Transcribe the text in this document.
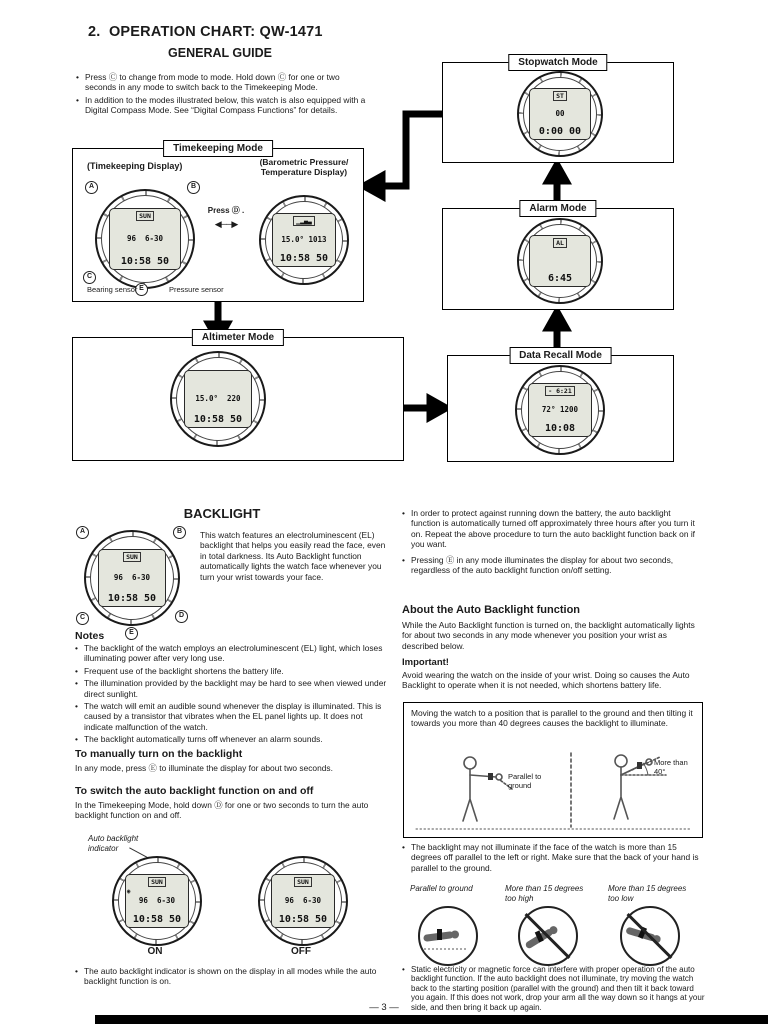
2.  OPERATION CHART: QW-1471
GENERAL GUIDE
• Press Ⓒ to change from mode to mode. Hold down Ⓒ for one or two seconds in any mode to switch back to the Timekeeping Mode.
• In addition to the modes illustrated below, this watch is also equipped with a Digital Compass Mode. See “Digital Compass Functions” for details.
Stopwatch Mode
ST
00
0:00 00
Timekeeping Mode
(Timekeeping Display)	(Barometric Pressure/
Temperature Display)
SUN
96  6-30
10:58 50
A	B
C
E
Press Ⓓ .
◀──▶	▁▂▄▃
15.0° 1013
10:58 50
Bearing sensor	Pressure sensor
Alarm Mode
AL
6:45
Altimeter Mode
15.0°  220
10:58 50
Data Recall Mode
- 6:21
72° 1200
10:08
BACKLIGHT
SUN
96  6-30
10:58 50
A	B
C
E
D
This watch features an electroluminescent (EL) backlight that helps you easily read the face, even in total darkness. Its Auto Backlight function automatically lights the watch face whenever you turn your wrist towards your face.
Notes
• The backlight of the watch employs an electroluminescent (EL) light, which loses illuminating power after very long use.
• Frequent use of the backlight shortens the battery life.
• The illumination provided by the backlight may be hard to see when viewed under direct sunlight.
• The watch will emit an audible sound whenever the display is illuminated. This is caused by a transistor that vibrates when the EL panel lights up. It does not indicate malfunction of the watch.
• The backlight automatically turns off whenever an alarm sounds.
To manually turn on the backlight
In any mode, press Ⓔ to illuminate the display for about two seconds.
To switch the auto backlight function on and off
In the Timekeeping Mode, hold down Ⓓ for one or two seconds to turn the auto backlight function on and off.
Auto backlight indicator
◉
SUN
96  6-30
10:58 50
ON
SUN
96  6-30
10:58 50
OFF
• The auto backlight indicator is shown on the display in all modes while the auto backlight function is on.
• In order to protect against running down the battery, the auto backlight function is automatically turned off approximately three hours after you turn it on. Repeat the above procedure to turn the auto backlight function back on if you want.
• Pressing Ⓔ in any mode illuminates the display for about two seconds, regardless of the auto backlight function on/off setting.
About the Auto Backlight function
While the Auto Backlight function is turned on, the backlight automatically lights for about two seconds in any mode whenever you position your wrist as described below.
Important!
Avoid wearing the watch on the inside of your wrist. Doing so causes the Auto Backlight to operate when it is not needed, which shortens battery life.
Moving the watch to a position that is parallel to the ground and then tilting it towards you more than 40 degrees causes the backlight to illuminate.
Parallel to ground
More than 40°
• The backlight may not illuminate if the face of the watch is more than 15 degrees off parallel to the left or right. Make sure that the back of your hand is parallel to the ground.
Parallel to ground	More than 15 degrees too high
More than 15 degrees too low
• Static electricity or magnetic force can interfere with proper operation of the auto backlight function. If the auto backlight does not illuminate, try moving the watch back to the starting position (parallel with the ground) and then tilt it back toward you again. If this does not work, drop your arm all the way down so it hangs at your side, and then bring it back up again.
— 3 —
